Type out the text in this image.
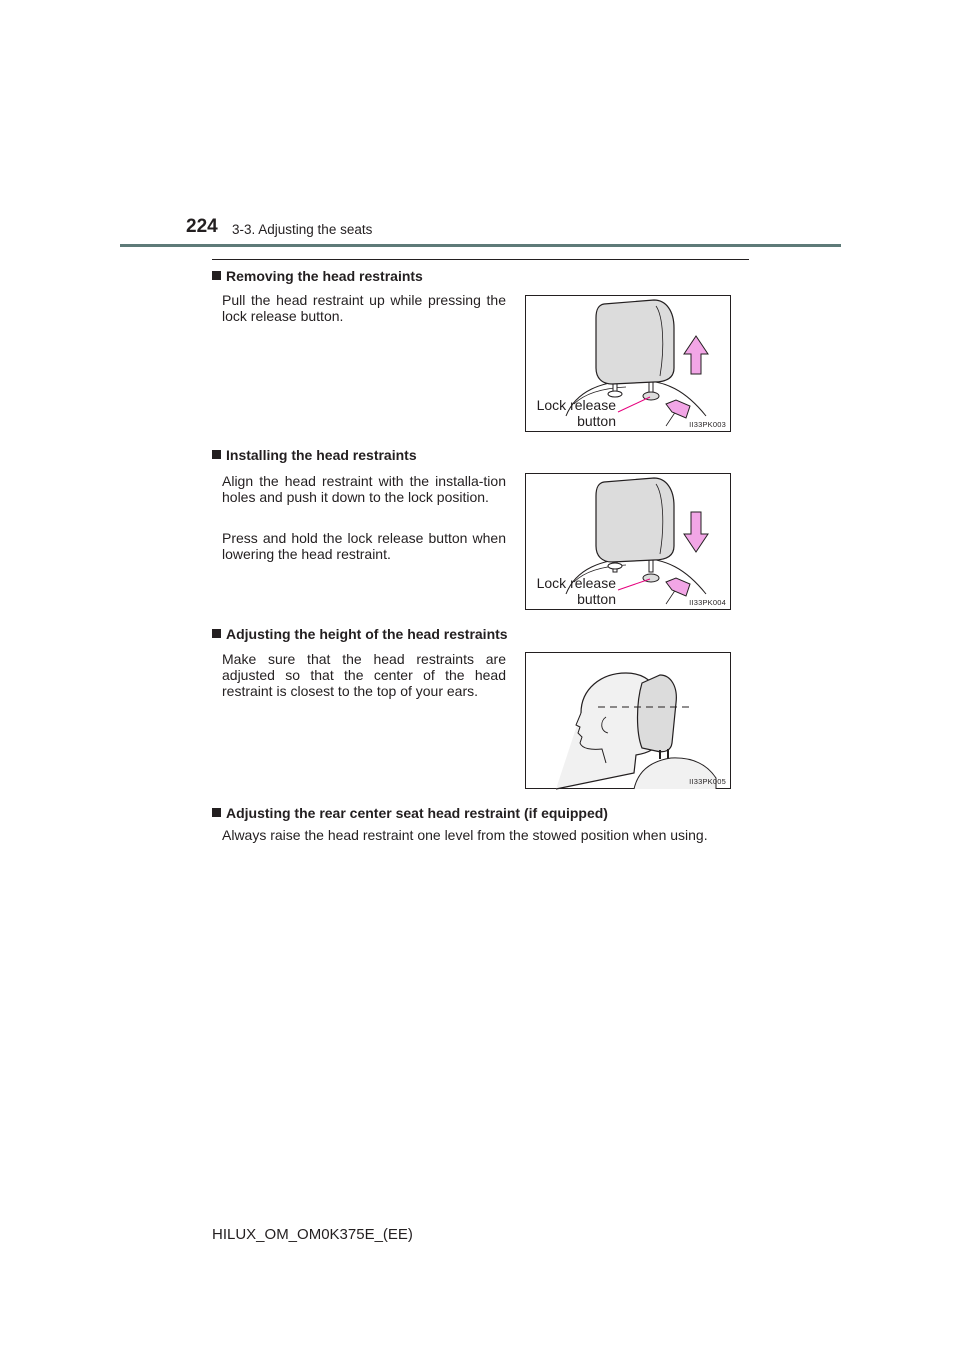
224 3-3. Adjusting the seats
Removing the head restraints
Pull the head restraint up while pressing the lock release button.
Lock release
button	II33PK003
Installing the head restraints
Align the head restraint with the installa-tion holes and push it down to the lock position.
Press and hold the lock release button when lowering the head restraint.
Lock release
button	II33PK004
Adjusting the height of the head restraints
Make sure that the head restraints are adjusted so that the center of the head restraint is closest to the top of your ears.
II33PK005
Adjusting the rear center seat head restraint (if equipped)
Always raise the head restraint one level from the stowed position when using.
HILUX_OM_OM0K375E_(EE)
